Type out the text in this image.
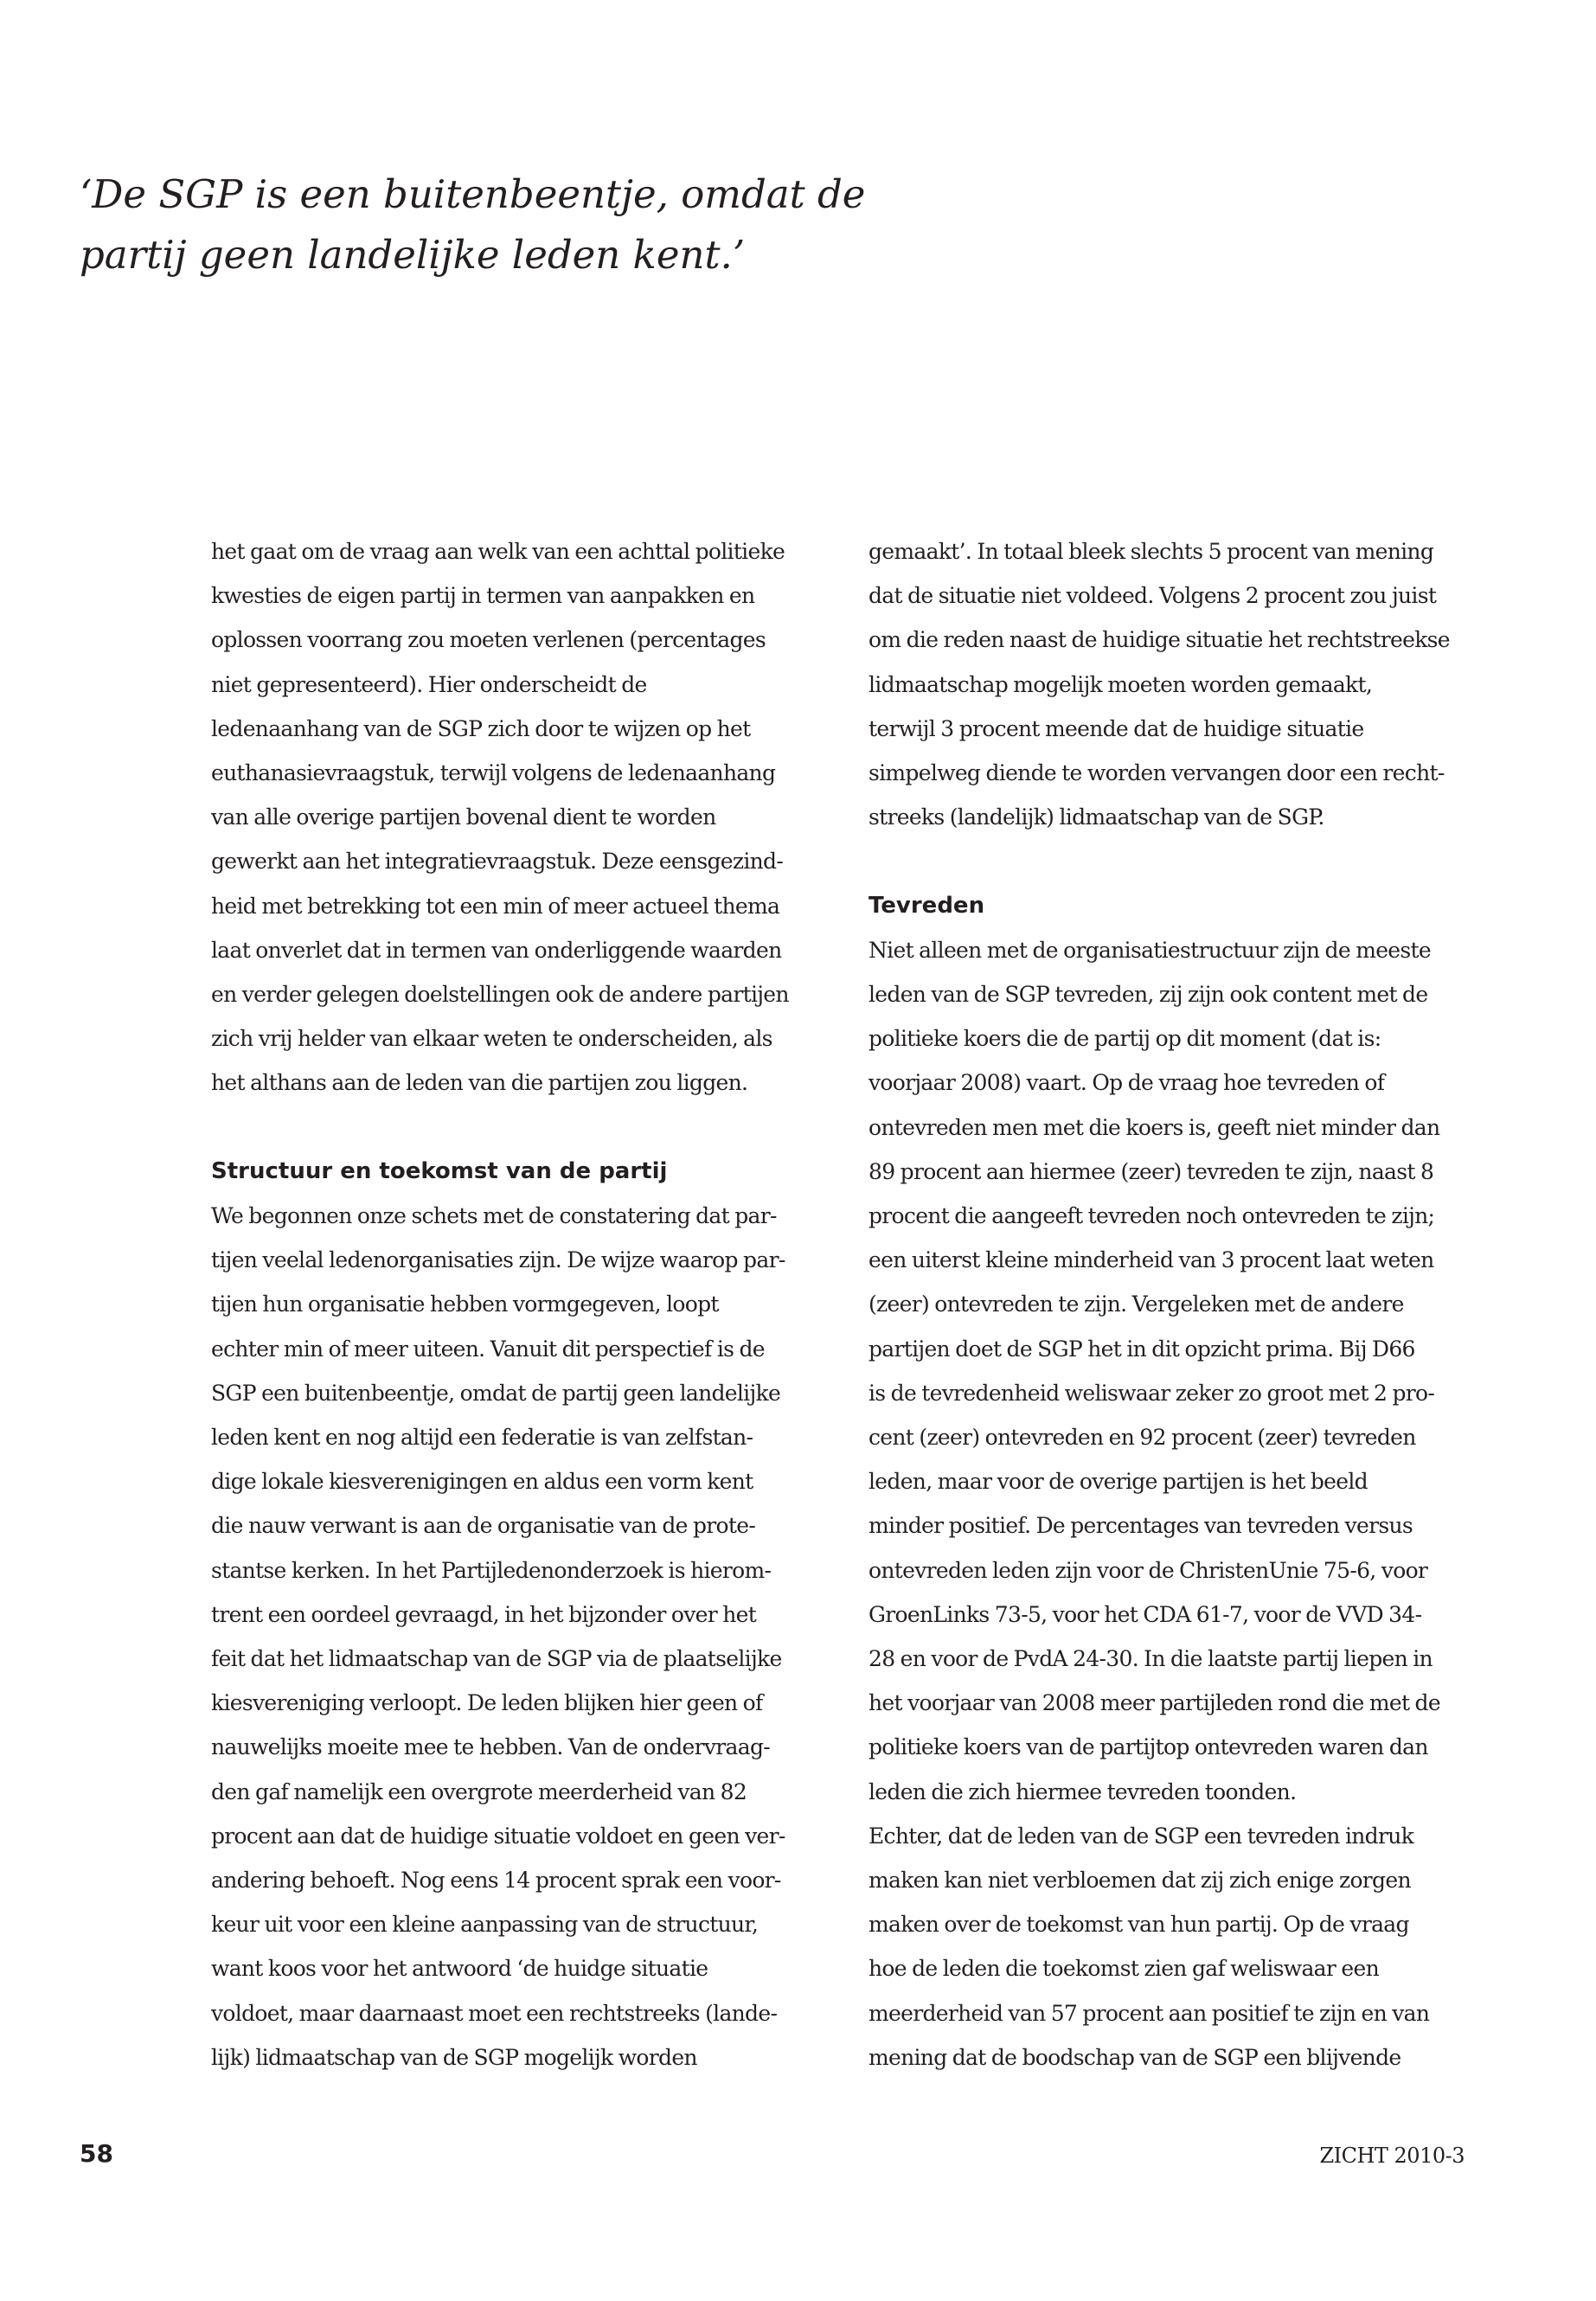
‘De SGP is een buitenbeentje, omdat de
partij geen landelijke leden kent.’
het gaat om de vraag aan welk van een achttal politieke
kwesties de eigen partij in termen van aanpakken en
oplossen voorrang zou moeten verlenen (percentages
niet gepresenteerd). Hier onderscheidt de
ledenaanhang van de SGP zich door te wijzen op het
euthanasievraagstuk, terwijl volgens de ledenaanhang
van alle overige partijen bovenal dient te worden
gewerkt aan het integratievraagstuk. Deze eensgezind-
heid met betrekking tot een min of meer actueel thema
laat onverlet dat in termen van onderliggende waarden
en verder gelegen doelstellingen ook de andere partijen
zich vrij helder van elkaar weten te onderscheiden, als
het althans aan de leden van die partijen zou liggen.
Structuur en toekomst van de partij
We begonnen onze schets met de constatering dat par-
tijen veelal ledenorganisaties zijn. De wijze waarop par-
tijen hun organisatie hebben vormgegeven, loopt
echter min of meer uiteen. Vanuit dit perspectief is de
SGP een buitenbeentje, omdat de partij geen landelijke
leden kent en nog altijd een federatie is van zelfstan-
dige lokale kiesverenigingen en aldus een vorm kent
die nauw verwant is aan de organisatie van de prote-
stantse kerken. In het Partijledenonderzoek is hierom-
trent een oordeel gevraagd, in het bijzonder over het
feit dat het lidmaatschap van de SGP via de plaatselijke
kiesvereniging verloopt. De leden blijken hier geen of
nauwelijks moeite mee te hebben. Van de ondervraag-
den gaf namelijk een overgrote meerderheid van 82
procent aan dat de huidige situatie voldoet en geen ver-
andering behoeft. Nog eens 14 procent sprak een voor-
keur uit voor een kleine aanpassing van de structuur,
want koos voor het antwoord ‘de huidge situatie
voldoet, maar daarnaast moet een rechtstreeks (lande-
lijk) lidmaatschap van de SGP mogelijk worden
gemaakt’. In totaal bleek slechts 5 procent van mening
dat de situatie niet voldeed. Volgens 2 procent zou juist
om die reden naast de huidige situatie het rechtstreekse
lidmaatschap mogelijk moeten worden gemaakt,
terwijl 3 procent meende dat de huidige situatie
simpelweg diende te worden vervangen door een recht-
streeks (landelijk) lidmaatschap van de SGP.
Tevreden
Niet alleen met de organisatiestructuur zijn de meeste
leden van de SGP tevreden, zij zijn ook content met de
politieke koers die de partij op dit moment (dat is:
voorjaar 2008) vaart. Op de vraag hoe tevreden of
ontevreden men met die koers is, geeft niet minder dan
89 procent aan hiermee (zeer) tevreden te zijn, naast 8
procent die aangeeft tevreden noch ontevreden te zijn;
een uiterst kleine minderheid van 3 procent laat weten
(zeer) ontevreden te zijn. Vergeleken met de andere
partijen doet de SGP het in dit opzicht prima. Bij D66
is de tevredenheid weliswaar zeker zo groot met 2 pro-
cent (zeer) ontevreden en 92 procent (zeer) tevreden
leden, maar voor de overige partijen is het beeld
minder positief. De percentages van tevreden versus
ontevreden leden zijn voor de ChristenUnie 75-6, voor
GroenLinks 73-5, voor het CDA 61-7, voor de VVD 34-
28 en voor de PvdA 24-30. In die laatste partij liepen in
het voorjaar van 2008 meer partijleden rond die met de
politieke koers van de partijtop ontevreden waren dan
leden die zich hiermee tevreden toonden.
Echter, dat de leden van de SGP een tevreden indruk
maken kan niet verbloemen dat zij zich enige zorgen
maken over de toekomst van hun partij. Op de vraag
hoe de leden die toekomst zien gaf weliswaar een
meerderheid van 57 procent aan positief te zijn en van
mening dat de boodschap van de SGP een blijvende
58	ZICHT 2010-3
